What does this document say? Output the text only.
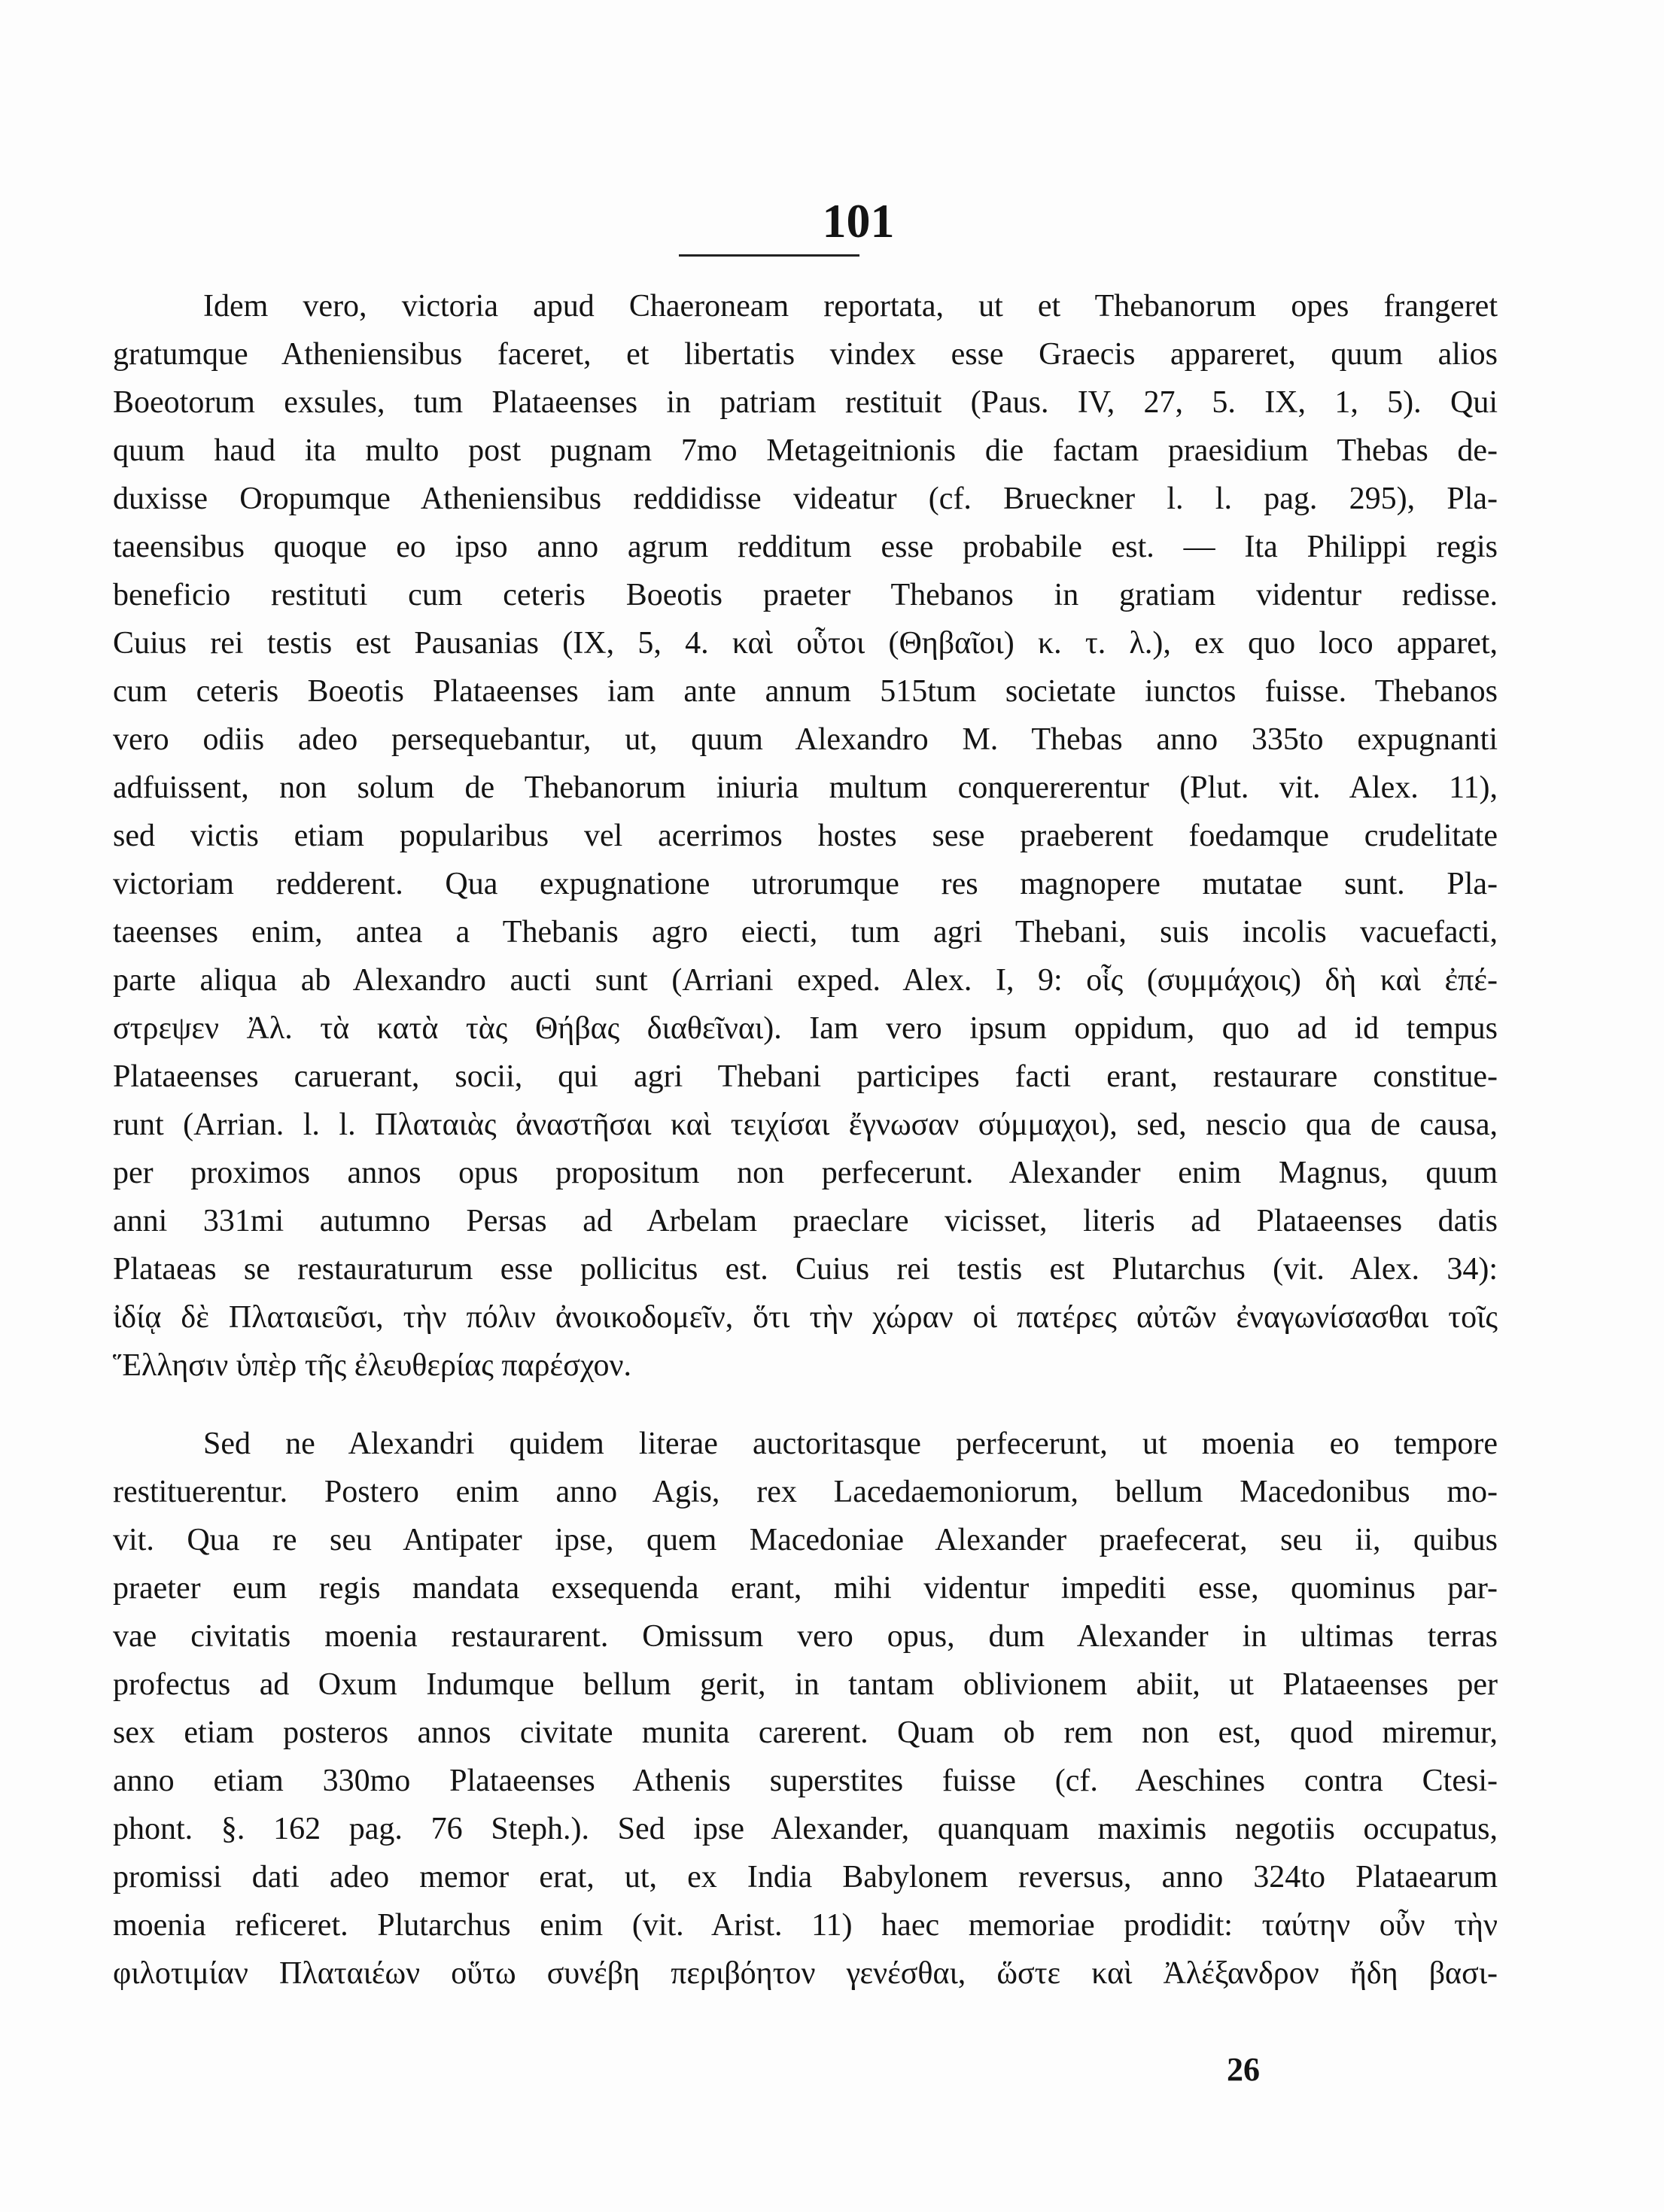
101
Idem vero, victoria apud Chaeroneam reportata, ut et Thebanorum opes frangeret
gratumque Atheniensibus faceret, et libertatis vindex esse Graecis appareret, quum alios
Boeotorum exsules, tum Plataeenses in patriam restituit (Paus. IV, 27, 5. IX, 1, 5). Qui
quum haud ita multo post pugnam 7mo Metageitnionis die factam praesidium Thebas de-
duxisse Oropumque Atheniensibus reddidisse videatur (cf. Brueckner l. l. pag. 295), Pla-
taeensibus quoque eo ipso anno agrum redditum esse probabile est. — Ita Philippi regis
beneficio restituti cum ceteris Boeotis praeter Thebanos in gratiam videntur redisse.
Cuius rei testis est Pausanias (IX, 5, 4. καὶ οὗτοι (Θηβαῖοι) κ. τ. λ.), ex quo loco apparet,
cum ceteris Boeotis Plataeenses iam ante annum 515tum societate iunctos fuisse. Thebanos
vero odiis adeo persequebantur, ut, quum Alexandro M. Thebas anno 335to expugnanti
adfuissent, non solum de Thebanorum iniuria multum conquererentur (Plut. vit. Alex. 11),
sed victis etiam popularibus vel acerrimos hostes sese praeberent foedamque crudelitate
victoriam redderent. Qua expugnatione utrorumque res magnopere mutatae sunt. Pla-
taeenses enim, antea a Thebanis agro eiecti, tum agri Thebani, suis incolis vacuefacti,
parte aliqua ab Alexandro aucti sunt (Arriani exped. Alex. I, 9: οἷς (συμμάχοις) δὴ καὶ ἐπέ-
στρεψεν Ἀλ. τὰ κατὰ τὰς Θήβας διαθεῖναι). Iam vero ipsum oppidum, quo ad id tempus
Plataeenses caruerant, socii, qui agri Thebani participes facti erant, restaurare constitue-
runt (Arrian. l. l. Πλαταιὰς ἀναστῆσαι καὶ τειχίσαι ἔγνωσαν σύμμαχοι), sed, nescio qua de causa,
per proximos annos opus propositum non perfecerunt. Alexander enim Magnus, quum
anni 331mi autumno Persas ad Arbelam praeclare vicisset, literis ad Plataeenses datis
Plataeas se restauraturum esse pollicitus est. Cuius rei testis est Plutarchus (vit. Alex. 34):
ἰδίᾳ δὲ Πλαταιεῦσι, τὴν πόλιν ἀνοικοδομεῖν, ὅτι τὴν χώραν οἱ πατέρες αὐτῶν ἐναγωνίσασθαι τοῖς
Ἕλλησιν ὑπὲρ τῆς ἐλευθερίας παρέσχον.
Sed ne Alexandri quidem literae auctoritasque perfecerunt, ut moenia eo tempore
restituerentur. Postero enim anno Agis, rex Lacedaemoniorum, bellum Macedonibus mo-
vit. Qua re seu Antipater ipse, quem Macedoniae Alexander praefecerat, seu ii, quibus
praeter eum regis mandata exsequenda erant, mihi videntur impediti esse, quominus par-
vae civitatis moenia restaurarent. Omissum vero opus, dum Alexander in ultimas terras
profectus ad Oxum Indumque bellum gerit, in tantam oblivionem abiit, ut Plataeenses per
sex etiam posteros annos civitate munita carerent. Quam ob rem non est, quod miremur,
anno etiam 330mo Plataeenses Athenis superstites fuisse (cf. Aeschines contra Ctesi-
phont. §. 162 pag. 76 Steph.). Sed ipse Alexander, quanquam maximis negotiis occupatus,
promissi dati adeo memor erat, ut, ex India Babylonem reversus, anno 324to Plataearum
moenia reficeret. Plutarchus enim (vit. Arist. 11) haec memoriae prodidit: ταύτην οὖν τὴν
φιλοτιμίαν Πλαταιέων οὕτω συνέβη περιβόητον γενέσθαι, ὥστε καὶ Ἀλέξανδρον ἤδη βασι-
26
